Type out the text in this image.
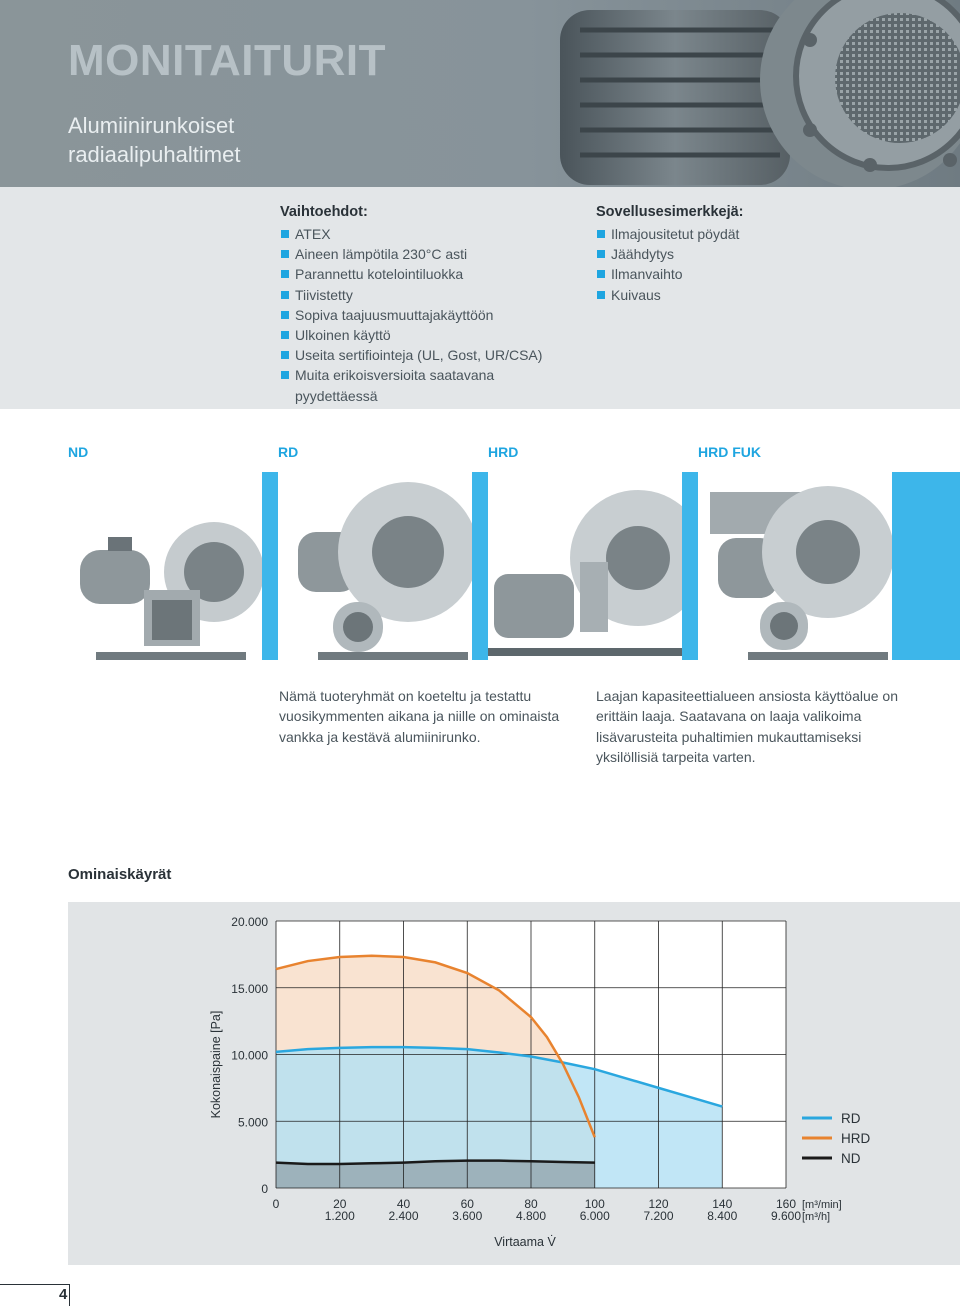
MONITAITURIT
Alumiinirunkoiset radiaalipuhaltimet
Vaihtoehdot:
ATEX
Aineen lämpötila 230°C asti
Parannettu kotelointiluokka
Tiivistetty
Sopiva taajuusmuuttajakäyttöön
Ulkoinen käyttö
Useita sertifiointeja (UL, Gost, UR/CSA)
Muita erikoisversioita saatavana pyydettäessä
Sovellusesimerkkejä:
Ilmajousitetut pöydät
Jäähdytys
Ilmanvaihto
Kuivaus
ND	RD	HRD	HRD FUK
Nämä tuoteryhmät on koeteltu ja testattu vuosikymmenten aikana ja niille on ominaista vankka ja kestävä alumiinirunko.
Laajan kapasiteettialueen ansiosta käyttöalue on erittäin laaja. Saatavana on laaja valikoima lisävarusteita puhaltimien mukauttamiseksi yksilöllisiä tarpeita varten.
Ominaiskäyrät
20.000
15.000
10.000
5.000
0
0	20
1.200
40
2.400
60
3.600
80
4.800
100
6.000
120
7.200
140
8.400
160
9.600
[m³/min]
[m³/h]
Virtaama V̇
Kokonaispaine [Pa]
RD
HRD
ND
4
